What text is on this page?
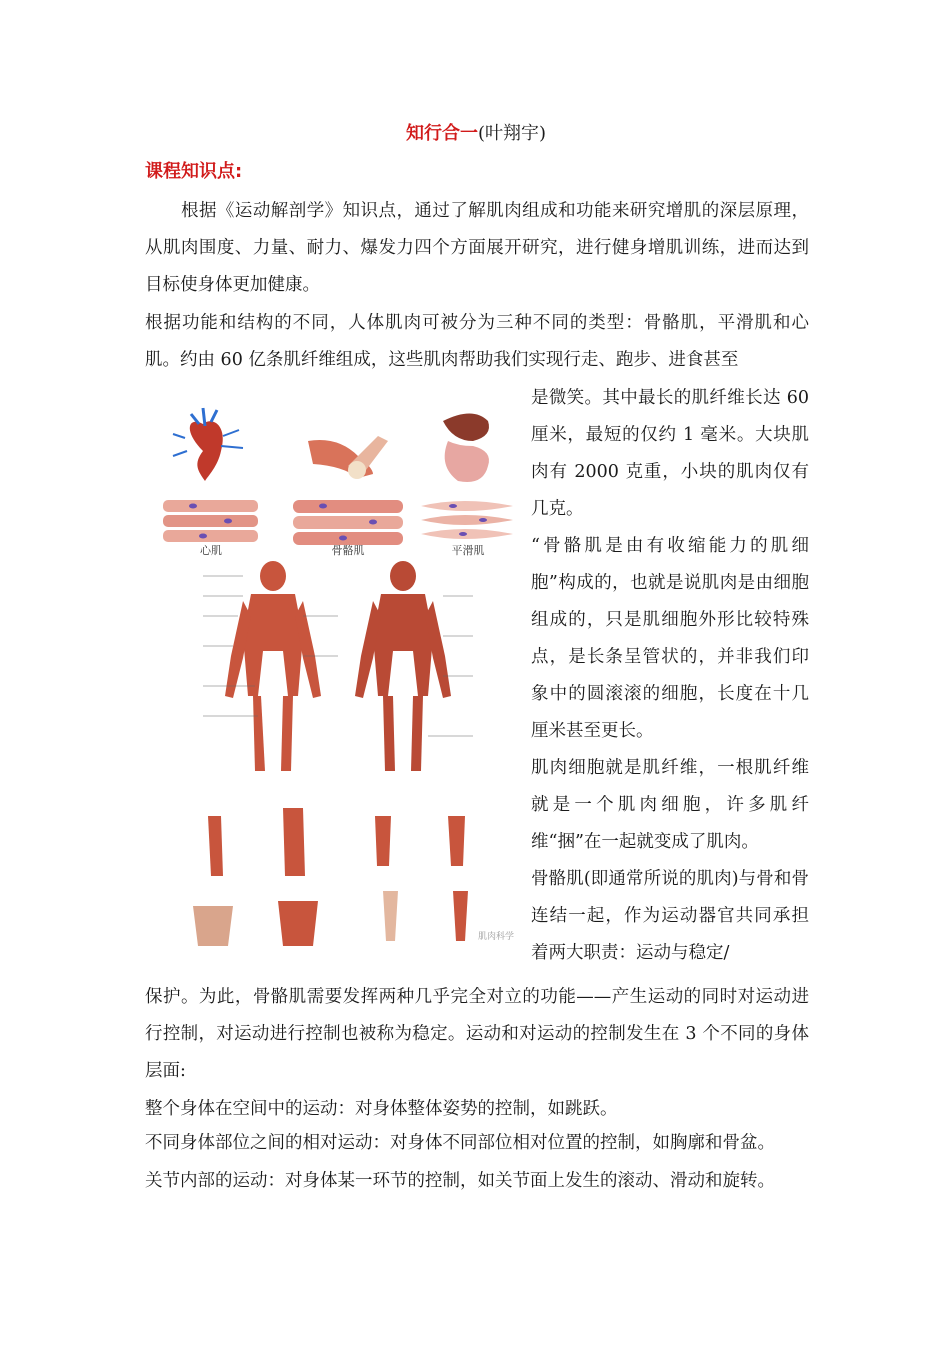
知行合一(叶翔宇)
课程知识点:

根据《运动解剖学》知识点，通过了解肌肉组成和功能来研究增肌的深层原理，从肌肉围度、力量、耐力、爆发力四个方面展开研究，进行健身增肌训练，进而达到目标使身体更加健康。

根据功能和结构的不同，人体肌肉可被分为三种不同的类型：骨骼肌，平滑肌和心肌。约由 60 亿条肌纤维组成，这些肌肉帮助我们实现行走、跑步、进食甚至

心肌	骨骼肌	平滑肌
肌肉科学

是微笑。其中最长的肌纤维长达 60 厘米，最短的仅约 1 毫米。大块肌肉有 2000 克重，小块的肌肉仅有几克。

“骨骼肌是由有收缩能力的肌细胞”构成的，也就是说肌肉是由细胞组成的，只是肌细胞外形比较特殊点，是长条呈管状的，并非我们印象中的圆滚滚的细胞，长度在十几厘米甚至更长。

肌肉细胞就是肌纤维，一根肌纤维就是一个肌肉细胞，许多肌纤维“捆”在一起就变成了肌肉。

骨骼肌(即通常所说的肌肉)与骨和骨连结一起，作为运动器官共同承担着两大职责：运动与稳定/

保护。为此，骨骼肌需要发挥两种几乎完全对立的功能——产生运动的同时对运动进行控制，对运动进行控制也被称为稳定。运动和对运动的控制发生在 3 个不同的身体层面:

整个身体在空间中的运动：对身体整体姿势的控制，如跳跃。

不同身体部位之间的相对运动：对身体不同部位相对位置的控制，如胸廓和骨盆。

关节内部的运动：对身体某一环节的控制，如关节面上发生的滚动、滑动和旋转。
